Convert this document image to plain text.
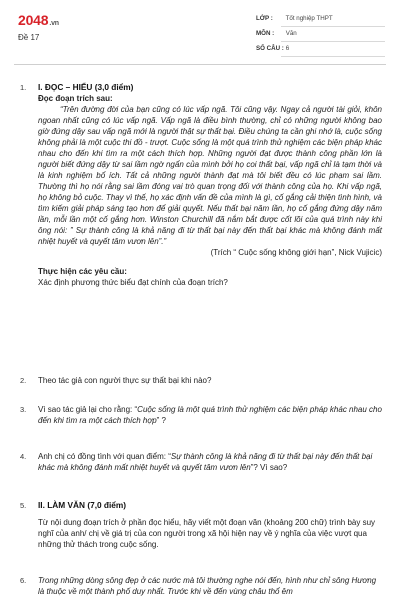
2048.vn
Đề 17
LỚP : Tốt nghiệp THPT
MÔN : Văn
SỐ CÂU : 6
1. I. ĐỌC – HIỂU (3,0 điểm)

Đọc đoạn trích sau:

“Trên đường đời của bạn cũng có lúc vấp ngã. Tôi cũng vậy. Ngay cả người tài giỏi, khôn ngoan nhất cũng có lúc vấp ngã. Vấp ngã là điều bình thường, chỉ có những người không bao giờ đứng dậy sau vấp ngã mới là người thật sự thất bại. Điều chúng ta cần ghi nhớ là, cuộc sống không phải là một cuộc thi đồ - trượt. Cuộc sống là một quá trình thử nghiệm các biện pháp khác nhau cho đến khi tìm ra một cách thích hợp. Những người đạt được thành công phần lớn là người biết đứng dậy từ sai lầm ngờ ngẩn của mình bởi họ coi thất bại, vấp ngã chỉ là tạm thời và là kinh nghiệm bổ ích. Tất cả những người thành đạt mà tôi biết đều có lúc phạm sai lầm. Thường thì họ nói rằng sai lầm đóng vai trò quan trọng đối với thành công của họ. Khi vấp ngã, họ không bỏ cuộc. Thay vì thế, họ xác định vấn đề của mình là gì, cố gắng cải thiện tình hình, và tìm kiếm giải pháp sáng tạo hơn để giải quyết. Nếu thất bại năm lần, họ cố gắng đứng dậy năm lần, mỗi lần một cố gắng hơn. Winston Churchill đã nắm bắt được cốt lõi của quá trình này khi ông nói: ” Sự thành công là khả năng đi từ thất bại này đến thất bại khác mà không đánh mất nhiệt huyết và quyết tâm vươn lên”.”

(Trích “ Cuộc sống không giới hạn”, Nick Vujicic)

Thực hiện các yêu cầu:

Xác định phương thức biểu đạt chính của đoạn trích?

2. Theo tác giả con người thực sự thất bại khi nào?

3. Vì sao tác giả lại cho rằng: “Cuộc sống là một quá trình thử nghiệm các biện pháp khác nhau cho đến khi tìm ra một cách thích hợp” ?

4. Anh chị có đồng tình với quan điểm: “Sự thành công là khả năng đi từ thất bại này đến thất bại khác mà không đánh mất nhiệt huyết và quyết tâm vươn lên”? Vì sao?

5. II. LÀM VĂN (7,0 điểm)

Từ nội dung đoạn trích ở phần đọc hiểu, hãy viết một đoạn văn (khoảng 200 chữ) trình bày suy nghĩ của anh/ chị về giá trị của con người trong xã hội hiện nay về ý nghĩa của việc vượt qua những thử thách trong cuộc sống.

6. Trong những dòng sông đẹp ở các nước mà tôi thường nghe nói đến, hình như chỉ sông Hương là thuộc về một thành phố duy nhất. Trước khi về đến vùng châu thổ êm
